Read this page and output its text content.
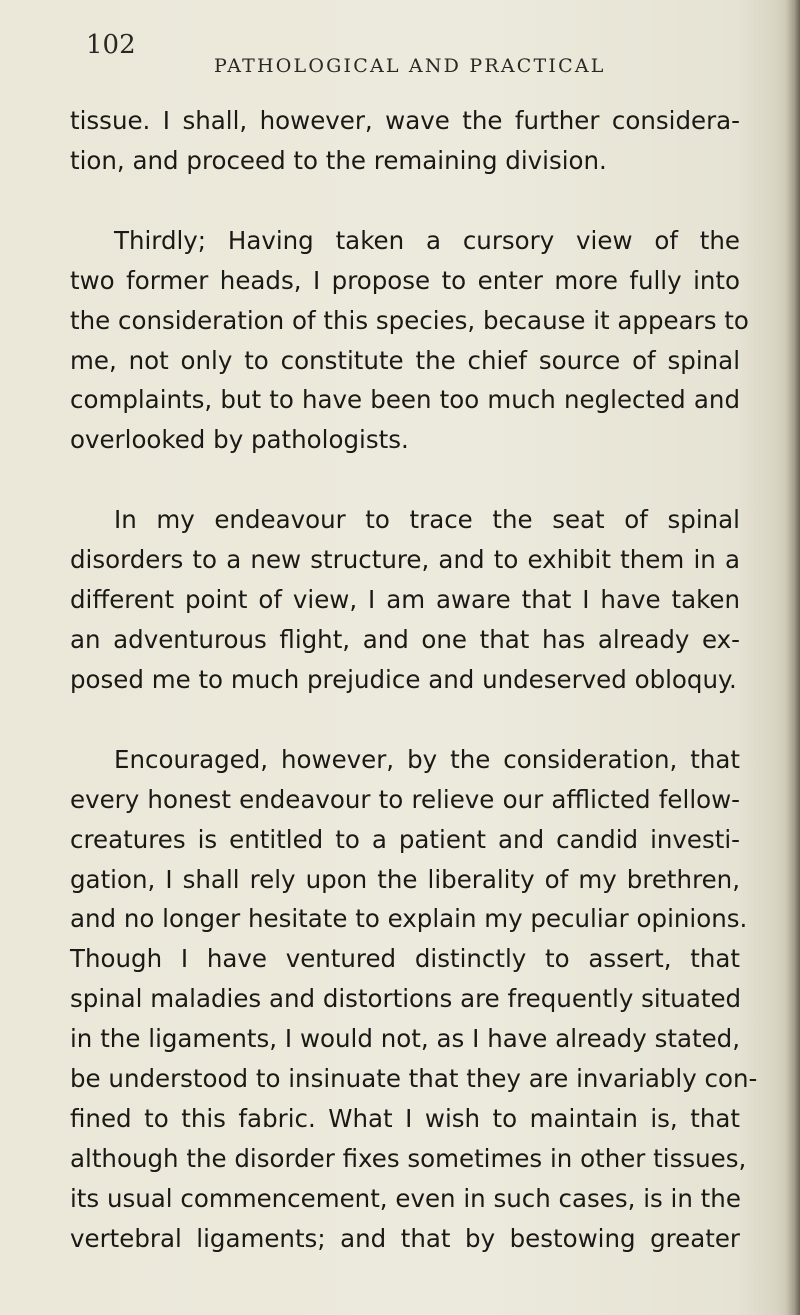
102
PATHOLOGICAL AND PRACTICAL
tissue. I shall, however, wave the further considera-
tion, and proceed to the remaining division.
Thirdly; Having taken a cursory view of the
two former heads, I propose to enter more fully into
the consideration of this species, because it appears to
me, not only to constitute the chief source of spinal
complaints, but to have been too much neglected and
overlooked by pathologists.
In my endeavour to trace the seat of spinal
disorders to a new structure, and to exhibit them in a
different point of view, I am aware that I have taken
an adventurous flight, and one that has already ex-
posed me to much prejudice and undeserved obloquy.
Encouraged, however, by the consideration, that
every honest endeavour to relieve our afflicted fellow-
creatures is entitled to a patient and candid investi-
gation, I shall rely upon the liberality of my brethren,
and no longer hesitate to explain my peculiar opinions.
Though I have ventured distinctly to assert, that
spinal maladies and distortions are frequently situated
in the ligaments, I would not, as I have already stated,
be understood to insinuate that they are invariably con-
fined to this fabric. What I wish to maintain is, that
although the disorder fixes sometimes in other tissues,
its usual commencement, even in such cases, is in the
vertebral ligaments; and that by bestowing greater
